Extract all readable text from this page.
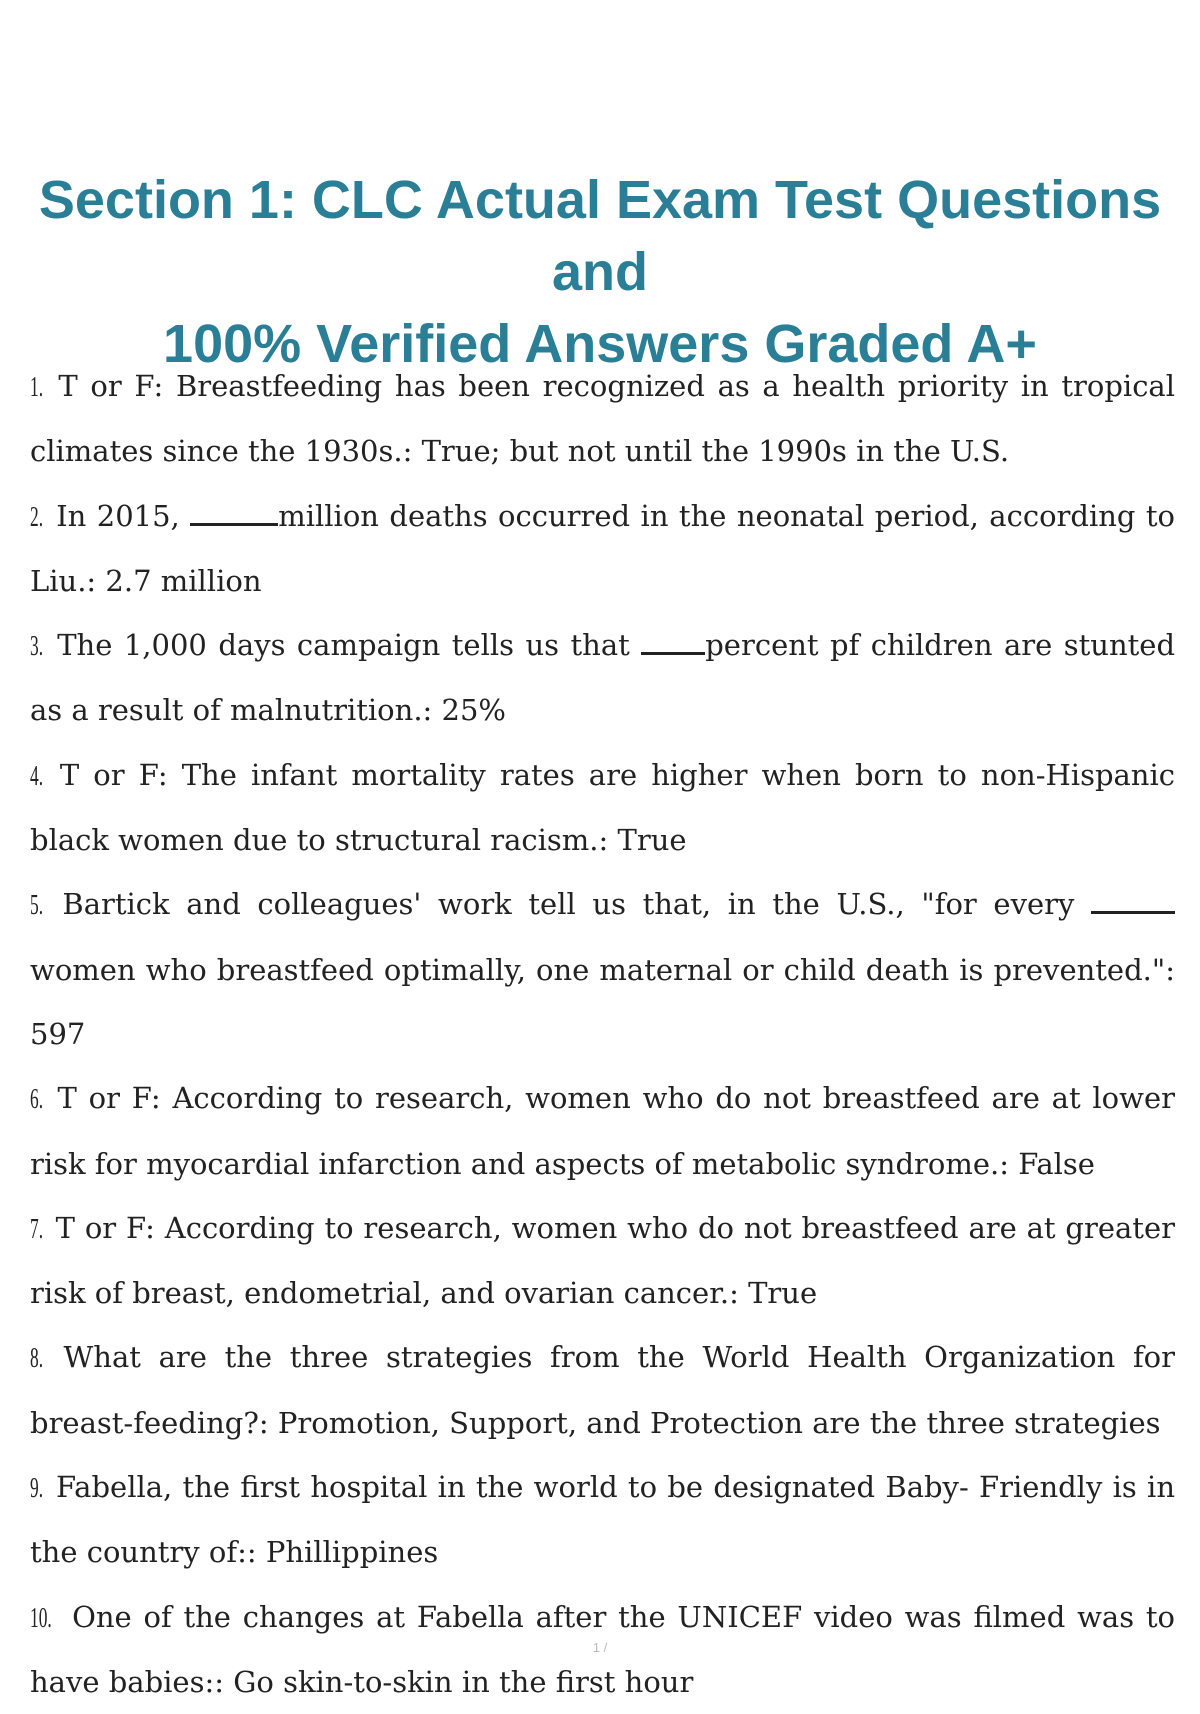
Section 1: CLC Actual Exam Test Questions and
100% Verified Answers Graded A+
1. T or F: Breastfeeding has been recognized as a health priority in tropical climates since the 1930s.: True; but not until the 1990s in the U.S.
2. In 2015,	million deaths occurred in the neonatal period, according to Liu.: 2.7 million
3. The 1,000 days campaign tells us that	percent pf children are stunted as a result of malnutrition.: 25%
4. T or F: The infant mortality rates are higher when born to non-Hispanic black women due to structural racism.: True
5. Bartick and colleagues' work tell us that, in the U.S., "for every women who breastfeed optimally, one maternal or child death is prevented.": 597
6. T or F: According to research, women who do not breastfeed are at lower risk for myocardial infarction and aspects of metabolic syndrome.: False
7. T or F: According to research, women who do not breastfeed are at greater risk of breast, endometrial, and ovarian cancer.: True
8. What are the three strategies from the World Health Organization for breast-feeding?: Promotion, Support, and Protection are the three strategies
9. Fabella, the first hospital in the world to be designated Baby- Friendly is in the country of:: Phillippines
10. One of the changes at Fabella after the UNICEF video was filmed was to have babies:: Go skin-to-skin in the first hour
1 /
